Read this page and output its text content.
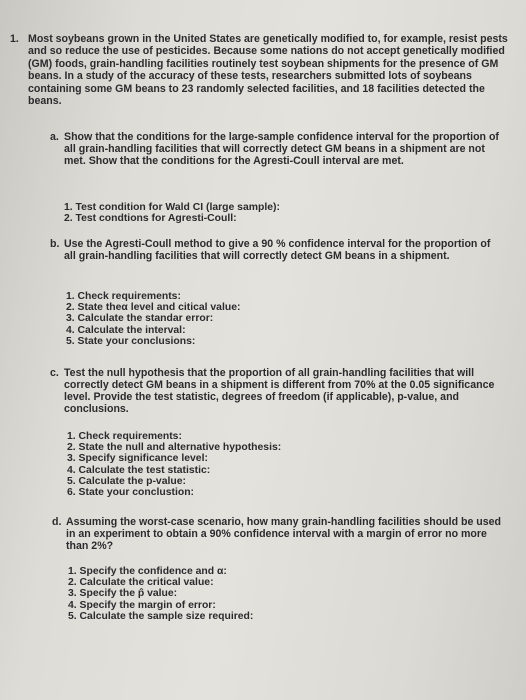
1. Most soybeans grown in the United States are genetically modified to, for example, resist pests and so reduce the use of pesticides. Because some nations do not accept genetically modified (GM) foods, grain-handling facilities routinely test soybean shipments for the presence of GM beans. In a study of the accuracy of these tests, researchers submitted lots of soybeans containing some GM beans to 23 randomly selected facilities, and 18 facilities detected the beans.
a. Show that the conditions for the large-sample confidence interval for the proportion of all grain-handling facilities that will correctly detect GM beans in a shipment are not met. Show that the conditions for the Agresti-Coull interval are met.
1. Test condition for Wald CI (large sample):
2. Test condtions for Agresti-Coull:
b. Use the Agresti-Coull method to give a 90 % confidence interval for the proportion of all grain-handling facilities that will correctly detect GM beans in a shipment.
1. Check requirements:
2. State theα level and citical value:
3. Calculate the standar error:
4. Calculate the interval:
5. State your conclusions:
c. Test the null hypothesis that the proportion of all grain-handling facilities that will correctly detect GM beans in a shipment is different from 70% at the 0.05 significance level. Provide the test statistic, degrees of freedom (if applicable), p-value, and conclusions.
1. Check requirements:
2. State the null and alternative hypothesis:
3. Specify significance level:
4. Calculate the test statistic:
5. Calculate the p-value:
6. State your conclustion:
d. Assuming the worst-case scenario, how many grain-handling facilities should be used in an experiment to obtain a 90% confidence interval with a margin of error no more than 2%?
1. Specify the confidence and α:
2. Calculate the critical value:
3. Specify the p̂ value:
4. Specify the margin of error:
5. Calculate the sample size required:
